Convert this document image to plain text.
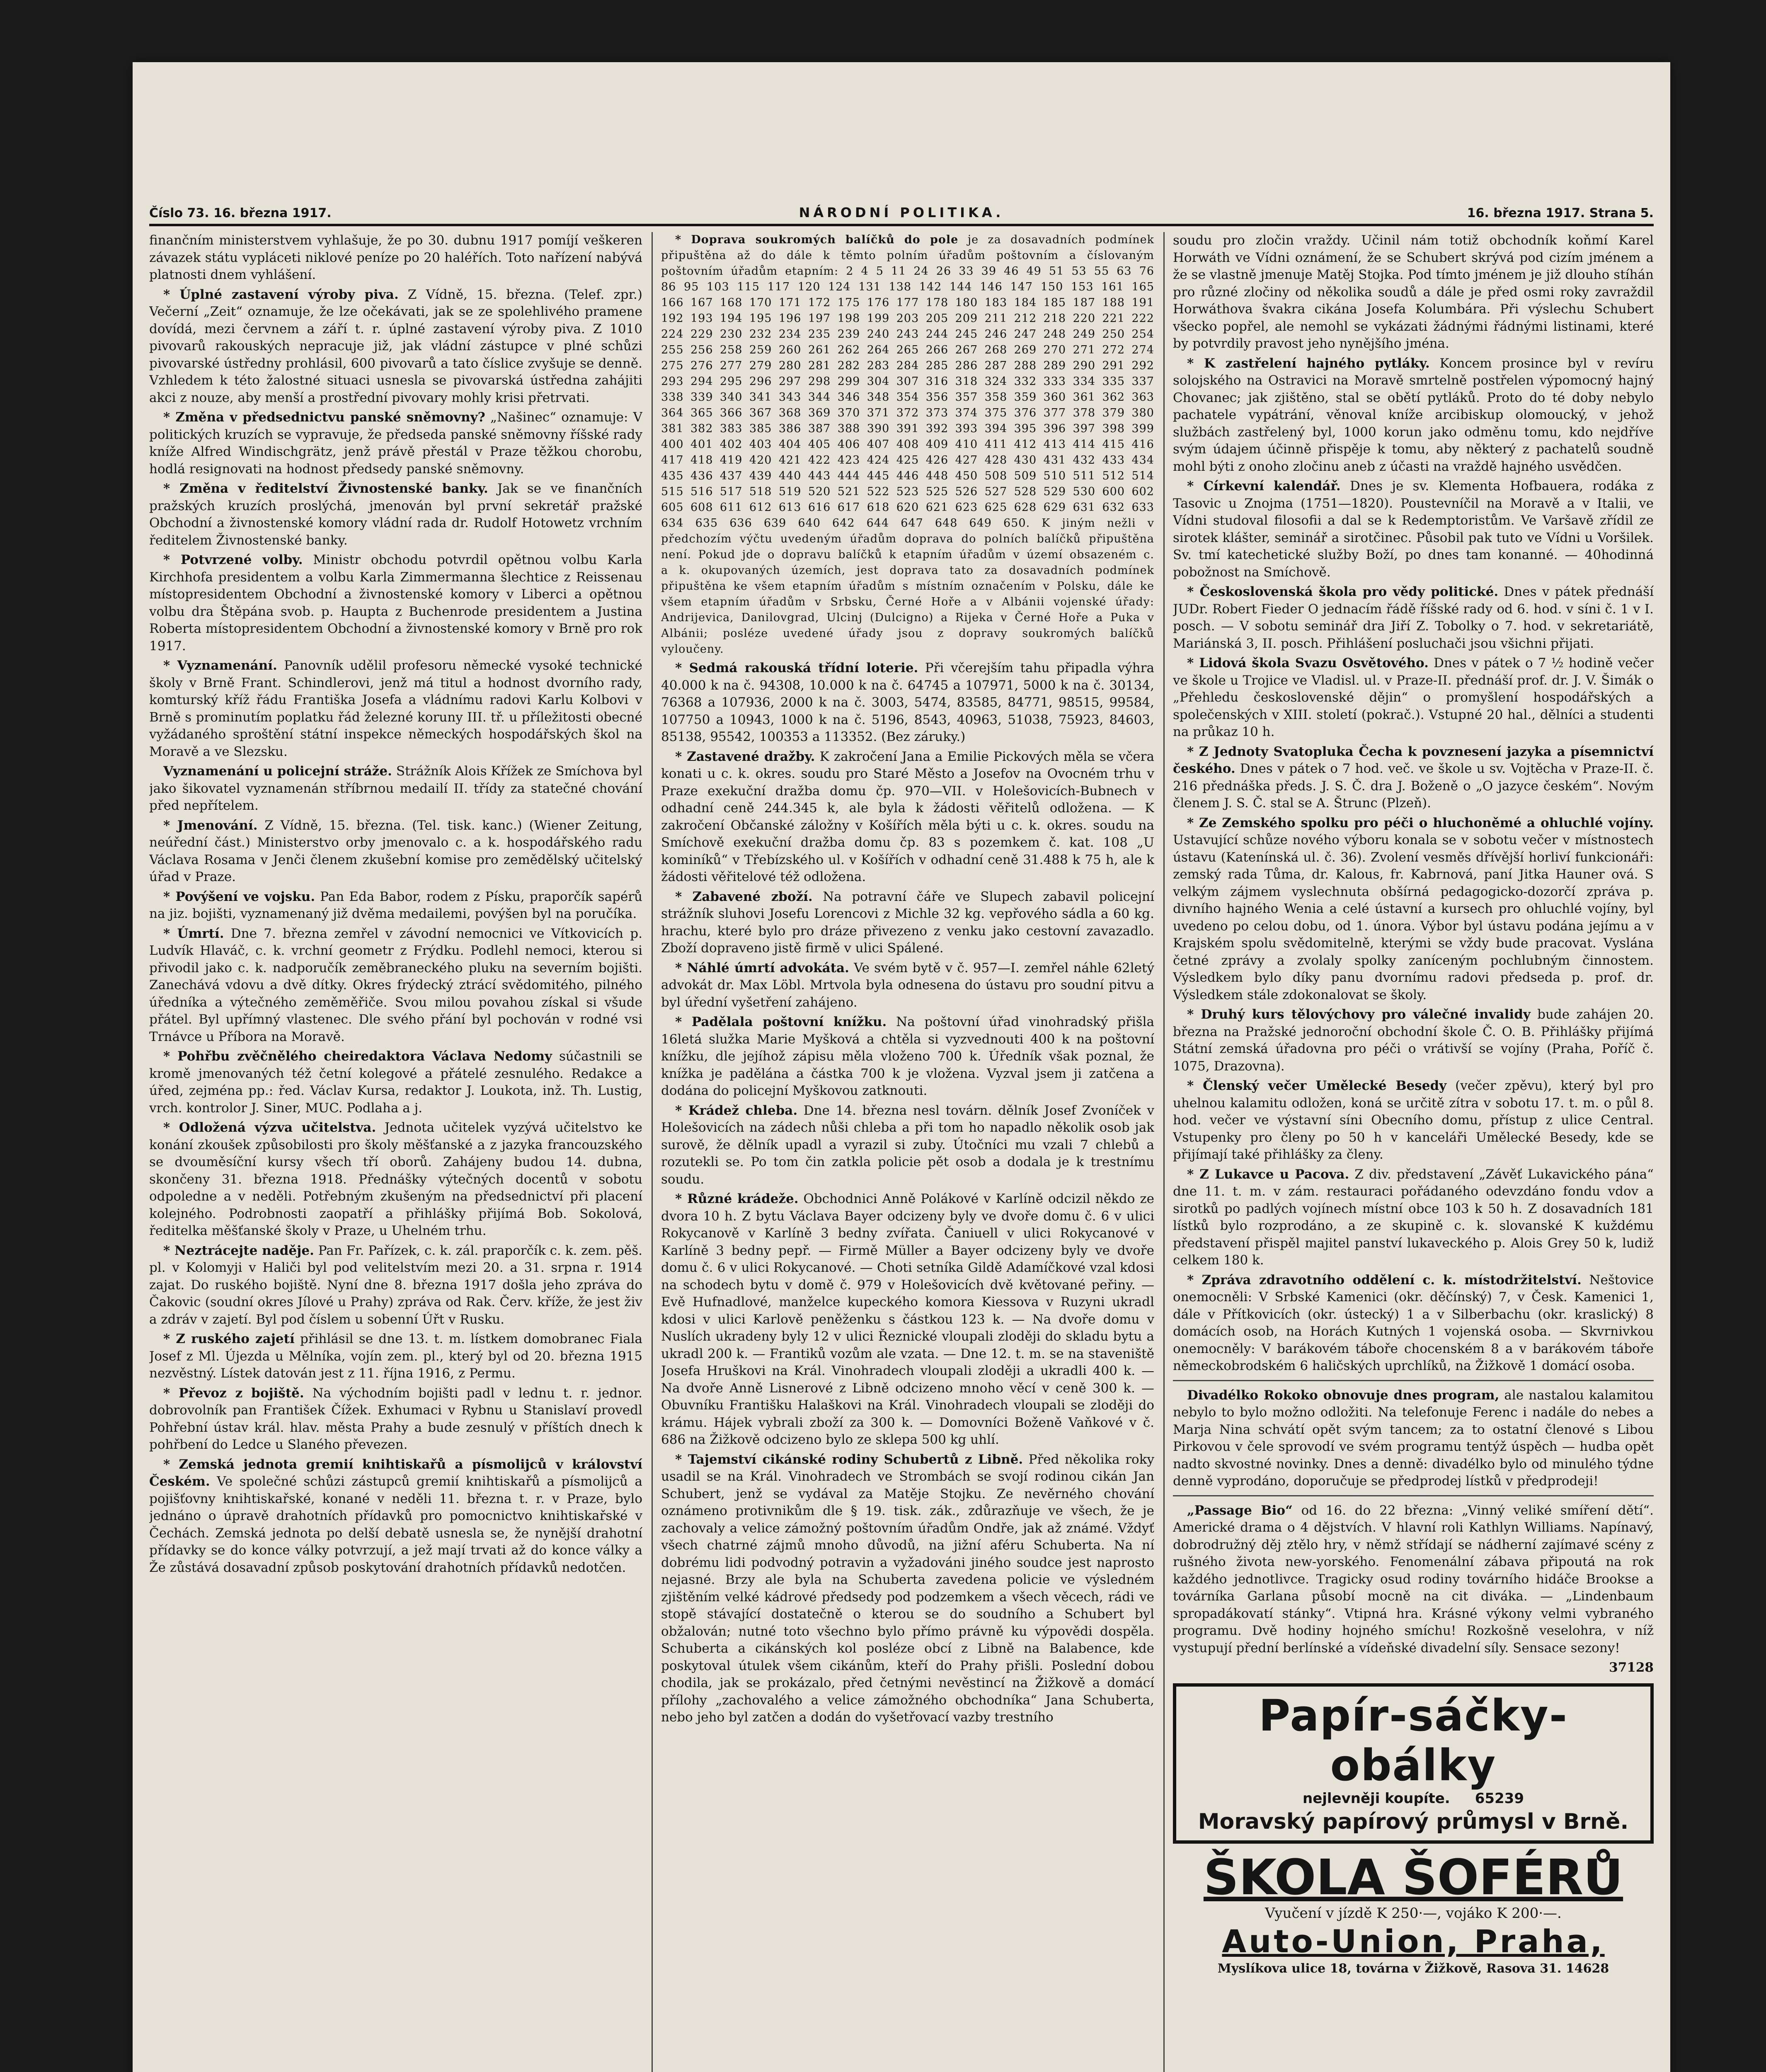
Číslo 73. 16. března 1917.	NÁRODNÍ POLITIKA.	16. března 1917. Strana 5.

finančním ministerstvem vyhlašuje, že po 30. dubnu 1917 pomíjí veškeren závazek státu vypláceti niklové peníze po 20 haléřích. Toto nařízení nabývá platnosti dnem vyhlášení.

* Úplné zastavení výroby piva. Z Vídně, 15. března. (Telef. zpr.) Večerní „Zeit“ oznamuje, že lze očekávati, jak se ze spolehlivého pramene dovídá, mezi červnem a září t. r. úplné zastavení výroby piva. Z 1010 pivovarů rakouských nepracuje již, jak vládní zástupce v plné schůzi pivovarské ústředny prohlásil, 600 pivovarů a tato číslice zvyšuje se denně. Vzhledem k této žalostné situaci usnesla se pivovarská ústředna zahájiti akci z nouze, aby menší a prostřední pivovary mohly krisi přetrvati.

* Změna v předsednictvu panské sněmovny? „Našinec“ oznamuje: V politických kruzích se vypravuje, že předseda panské sněmovny říšské rady kníže Alfred Windischgrätz, jenž právě přestál v Praze těžkou chorobu, hodlá resignovati na hodnost předsedy panské sněmovny.

* Změna v ředitelství Živnostenské banky. Jak se ve finančních pražských kruzích proslýchá, jmenován byl první sekretář pražské Obchodní a živnostenské komory vládní rada dr. Rudolf Hotowetz vrchním ředitelem Živnostenské banky.

* Potvrzené volby. Ministr obchodu potvrdil opětnou volbu Karla Kirchhofa presidentem a volbu Karla Zimmermanna šlechtice z Reissenau místopresidentem Obchodní a živnostenské komory v Liberci a opětnou volbu drа Štěpána svob. p. Haupta z Buchenrode presidentem a Justina Roberta místopresidentem Obchodní a živnostenské komory v Brně pro rok 1917.

* Vyznamenání. Panovník udělil profesoru německé vysoké technické školy v Brně Frant. Schindlerovi, jenž má titul a hodnost dvorního rady, komturský kříž řádu Františka Josefa a vládnímu radovi Karlu Kolbovi v Brně s prominutím poplatku řád železné koruny III. tř. u příležitosti obecné vyžádaného sproštění státní inspekce německých hospodářských škol na Moravě a ve Slezsku.

Vyznamenání u policejní stráže. Strážník Alois Křížek ze Smíchova byl jako šikovatel vyznamenán stříbrnou medailí II. třídy za statečné chování před nepřítelem.

* Jmenování. Z Vídně, 15. března. (Tel. tisk. kanc.) (Wiener Zeitung, neúřední část.) Ministerstvo orby jmenovalo c. a k. hospodářského radu Václava Rosama v Jenči členem zkušební komise pro zemědělský učitelský úřad v Praze.

* Povýšení ve vojsku. Pan Eda Babor, rodem z Písku, praporčík sapérů na jiz. bojišti, vyznamenaný již dvěma medailemi, povýšen byl na poručíka.

* Úmrtí. Dne 7. března zemřel v závodní nemocnici ve Vítkovicích p. Ludvík Hlaváč, c. k. vrchní geometr z Frýdku. Podlehl nemoci, kterou si přivodil jako c. k. nadporučík zeměbraneckého pluku na severním bojišti. Zanechává vdovu a dvě dítky. Okres frýdecký ztrácí svědomitého, pilného úředníka a výtečného zeměměřiče. Svou milou povahou získal si všude přátel. Byl upřímný vlastenec. Dle svého přání byl pochován v rodné vsi Trnávce u Příbora na Moravě.

* Pohřbu zvěčnělého cheiredaktora Václava Nedomy súčastnili se kromě jmenovaných též četní kolegové a přátelé zesnulého. Redakce a úřed, zejména pp.: řed. Václav Kursa, redaktor J. Loukota, inž. Th. Lustig, vrch. kontrolor J. Siner, MUC. Podlaha a j.

* Odložená výzva učitelstva. Jednota učitelek vyzývá učitelstvo ke konání zkoušek způsobilosti pro školy měšťanské a z jazyka francouzského se dvouměsíční kursy všech tří oborů. Zahájeny budou 14. dubna, skončeny 31. března 1918. Přednášky výtečných docentů v sobotu odpoledne a v neděli. Potřebným zkušeným na předsednictví při placení kolejného. Podrobnosti zaopatří a přihlášky přijímá Bob. Sokolová, ředitelka měšťanské školy v Praze, u Uhelném trhu.

* Neztrácejte naděje. Pan Fr. Pařízek, c. k. zál. praporčík c. k. zem. pěš. pl. v Kolomyji v Haliči byl pod velitelstvím mezi 20. a 31. srpna r. 1914 zajat. Do ruského bojiště. Nyní dne 8. března 1917 došla jeho zpráva do Čakovic (soudní okres Jílové u Prahy) zpráva od Rak. Červ. kříže, že jest živ a zdráv v zajetí. Byl pod číslem u sobenní Úřt v Rusku.

* Z ruského zajetí přihlásil se dne 13. t. m. lístkem domobranec Fiala Josef z Ml. Újezda u Mělníka, vojín zem. pl., který byl od 20. března 1915 nezvěstný. Lístek datován jest z 11. října 1916, z Permu.

* Převoz z bojiště. Na východním bojišti padl v lednu t. r. jednor. dobrovolník pan František Čížek. Exhumaci v Rybnu u Stanislaví provedl Pohřební ústav král. hlav. města Prahy a bude zesnulý v příštích dnech k pohřbení do Ledce u Slaného převezen.

* Zemská jednota gremií knihtiskařů a písmolijců v království Českém. Ve společné schůzi zástupců gremií knihtiskařů a písmolijců a pojišťovny knihtiskařské, konané v neděli 11. března t. r. v Praze, bylo jednáno o úpravě drahotních přídavků pro pomocnictvo knihtiskařské v Čechách. Zemská jednota po delší debatě usnesla se, že nynější drahotní přídavky se do konce války potvrzují, a jež mají trvati až do konce války a Že zůstává dosavadní způsob poskytování drahotních přídavků nedotčen.

* Doprava soukromých balíčků do pole je za dosavadních podmínek připuštěna až do dále k těmto polním úřadům poštovním a číslovaným poštovním úřadům etapním: 2 4 5 11 24 26 33 39 46 49 51 53 55 63 76 86 95 103 115 117 120 124 131 138 142 144 146 147 150 153 161 165 166 167 168 170 171 172 175 176 177 178 180 183 184 185 187 188 191 192 193 194 195 196 197 198 199 203 205 209 211 212 218 220 221 222 224 229 230 232 234 235 239 240 243 244 245 246 247 248 249 250 254 255 256 258 259 260 261 262 264 265 266 267 268 269 270 271 272 274 275 276 277 279 280 281 282 283 284 285 286 287 288 289 290 291 292 293 294 295 296 297 298 299 304 307 316 318 324 332 333 334 335 337 338 339 340 341 343 344 346 348 354 356 357 358 359 360 361 362 363 364 365 366 367 368 369 370 371 372 373 374 375 376 377 378 379 380 381 382 383 385 386 387 388 390 391 392 393 394 395 396 397 398 399 400 401 402 403 404 405 406 407 408 409 410 411 412 413 414 415 416 417 418 419 420 421 422 423 424 425 426 427 428 430 431 432 433 434 435 436 437 439 440 443 444 445 446 448 450 508 509 510 511 512 514 515 516 517 518 519 520 521 522 523 525 526 527 528 529 530 600 602 605 608 611 612 613 616 617 618 620 621 623 625 628 629 631 632 633 634 635 636 639 640 642 644 647 648 649 650. K jiným nežli v předchozím výčtu uvedeným úřadům doprava do polních balíčků připuštěna není. Pokud jde o dopravu balíčků k etapním úřadům v území obsazeném c. a k. okupovaných územích, jest doprava tato za dosavadních podmínek připuštěna ke všem etapním úřadům s místním označením v Polsku, dále ke všem etapním úřadům v Srbsku, Černé Hoře a v Albánii vojenské úřady: Andrijevica, Danilovgrad, Ulcinj (Dulcigno) a Rijeka v Černé Hoře a Puka v Albánii; posléze uvedené úřady jsou z dopravy soukromých balíčků vyloučeny.

* Sedmá rakouská třídní loterie. Při včerejším tahu připadla výhra 40.000 k na č. 94308, 10.000 k na č. 64745 a 107971, 5000 k na č. 30134, 76368 a 107936, 2000 k na č. 3003, 5474, 83585, 84771, 98515, 99584, 107750 a 10943, 1000 k na č. 5196, 8543, 40963, 51038, 75923, 84603, 85138, 95542, 100353 a 113352. (Bez záruky.)

* Zastavené dražby. K zakročení Jana a Emilie Pickových měla se včera konati u c. k. okres. soudu pro Staré Město a Josefov na Ovocném trhu v Praze exekuční dražba domu čp. 970—VII. v Holešovicích-Bubnech v odhadní ceně 244.345 k, ale byla k žádosti věřitelů odložena. — K zakročení Občanské záložny v Košířích měla býti u c. k. okres. soudu na Smíchově exekuční dražba domu čp. 83 s pozemkem č. kat. 108 „U kominíků“ v Třebízského ul. v Košířích v odhadní ceně 31.488 k 75 h, ale k žádosti věřitelové též odložena.

* Zabavené zboží. Na potravní čáře ve Slupech zabavil policejní strážník sluhovi Josefu Lorencovi z Michle 32 kg. vepřového sádla a 60 kg. hrachu, které bylo pro dráze přivezeno z venku jako cestovní zavazadlo. Zboží dopraveno jistě firmě v ulici Spálené.

* Náhlé úmrtí advokáta. Ve svém bytě v č. 957—I. zemřel náhle 62letý advokát dr. Max Löbl. Mrtvola byla odnesena do ústavu pro soudní pitvu a byl úřední vyšetření zahájeno.

* Padělala poštovní knížku. Na poštovní úřad vinohradský přišla 16letá služka Marie Myšková a chtěla si vyzvednouti 400 k na poštovní knížku, dle jejíhož zápisu měla vloženo 700 k. Úředník však poznal, že knížka je padělána a částka 700 k je vložena. Vyzval jsem ji zatčena a dodána do policejní Myškovou zatknouti.

* Krádež chleba. Dne 14. března nesl továrn. dělník Josef Zvoníček v Holešovicích na zádech nůši chleba a při tom ho napadlo několik osob jak surově, že dělník upadl a vyrazil si zuby. Útočníci mu vzali 7 chlebů a rozutekli se. Po tom čin zatkla policie pět osob a dodala je k trestnímu soudu.

* Různé krádeže. Obchodnici Anně Polákové v Karlíně odcizil někdo ze dvora 10 h. Z bytu Václava Bayer odcizeny byly ve dvoře domu č. 6 v ulici Rokycanově v Karlíně 3 bedny zvířata. Čaniuell v ulici Rokycanové v Karlíně 3 bedny pepř. — Firmě Müller a Bayer odcizeny byly ve dvoře domu č. 6 v ulici Rokycanové. — Choti setníka Gildě Adamíčkové vzal kdosi na schodech bytu v domě č. 979 v Holešovicích dvě květované peřiny. — Evě Hufnadlové, manželce kupeckého komora Kiessova v Ruzyni ukradl kdosi v ulici Karlově peněženku s částkou 123 k. — Na dvoře domu v Nuslích ukradeny byly 12 v ulici Řeznické vloupali zloději do skladu bytu a ukradl 200 k. — Frantiků vozům ale vzata. — Dne 12. t. m. se na staveniště Josefa Hruškovi na Král. Vinohradech vloupali zloději a ukradli 400 k. — Na dvoře Anně Lisnerové z Libně odcizeno mnoho věcí v ceně 300 k. — Obuvníku Františku Halaškovi na Král. Vinohradech vloupali se zloději do krámu. Hájek vybrali zboží za 300 k. — Domovníci Boženě Vaňkové v č. 686 na Žižkově odcizeno bylo ze sklepa 500 kg uhlí.

* Tajemství cikánské rodiny Schubertů z Libně. Před několika roky usadil se na Král. Vinohradech ve Strombách se svojí rodinou cikán Jan Schubert, jenž se vydával za Matěje Stojku. Ze nevěrného chování oznámeno protivnikům dle § 19. tisk. zák., zdůrazňuje ve všech, že je zachovaly a velice zámožný poštovním úřadům Ondře, jak až známé. Vždyť všech chatrné zájmů mnoho důvodů, na jižní aféru Schuberta. Na ní dobrému lidi podvodný potravin a vyžadováni jiného soudce jest naprosto nejasné. Brzy ale byla na Schuberta zavedena policie ve výsledném zjištěním velké kádrové předsedy pod podzemkem a všech věcech, rádi ve stopě stávající dostatečně o kterou se do soudního a Schubert byl obžalován; nutné toto všechno bylo přímo právně ku výpovědi dospěla. Schuberta a cikánských kol posléze obcí z Libně na Balabence, kde poskytoval útulek všem cikánům, kteří do Prahy přišli. Poslední dobou chodila, jak se prokázalo, před četnými nevěstincí na Žižkově a domácí přílohy „zachovalého a velice zámožného obchodníka“ Jana Schuberta, nebo jeho byl zatčen a dodán do vyšetřovací vazby trestního

soudu pro zločin vraždy. Učinil nám totiž obchodník koňmí Karel Horwáth ve Vídni oznámení, že se Schubert skrývá pod cizím jménem a že se vlastně jmenuje Matěj Stojka. Pod tímto jménem je již dlouho stíhán pro různé zločiny od několika soudů a dále je před osmi roky zavraždil Horwáthova švakra cikána Josefa Kolumbára. Při výslechu Schubert všecko popřel, ale nemohl se vykázati žádnými řádnými listinami, které by potvrdily pravost jeho nynějšího jména.

* K zastřelení hajného pytláky. Koncem prosince byl v revíru solojského na Ostravici na Moravě smrtelně postřelen výpomocný hajný Chovanec; jak zjištěno, stal se obětí pytláků. Proto do té doby nebylo pachatele vypátrání, věnoval kníže arcibiskup olomoucký, v jehož službách zastřelený byl, 1000 korun jako odměnu tomu, kdo nejdříve svým údajem účinně přispěje k tomu, aby některý z pachatelů soudně mohl býti z onoho zločinu aneb z účasti na vraždě hajného usvědčen.

* Církevní kalendář. Dnes je sv. Klementa Hofbauera, rodáka z Tasovic u Znojma (1751—1820). Poustevníčil na Moravě a v Italii, ve Vídni studoval filosofii a dal se k Redemptoristům. Ve Varšavě zřídil ze sirotek klášter, seminář a sirotčinec. Působil pak tuto ve Vídni u Voršilek. Sv. tmí katechetické služby Boží, po dnes tam konanné. — 40hodinná pobožnost na Smíchově.

* Československá škola pro vědy politické. Dnes v pátek přednáší JUDr. Robert Fieder O jednacím řádě říšské rady od 6. hod. v síni č. 1 v I. posch. — V sobotu seminář dra Jiří Z. Tobolky o 7. hod. v sekretariátě, Mariánská 3, II. posch. Přihlášení posluchači jsou všichni přijati.

* Lidová škola Svazu Osvětového. Dnes v pátek o 7 ½ hodině večer ve škole u Trojice ve Vladisl. ul. v Praze-II. přednáší prof. dr. J. V. Šimák o „Přehledu československé dějin“ o promyšlení hospodářských a společenských v XIII. století (pokrač.). Vstupné 20 hal., dělníci a studenti na průkaz 10 h.

* Z Jednoty Svatopluka Čecha k povznesení jazyka a písemnictví českého. Dnes v pátek o 7 hod. več. ve škole u sv. Vojtěcha v Praze-II. č. 216 přednáška předs. J. S. Č. dra J. Boženě o „O jazyce českém“. Novým členem J. S. Č. stal se A. Štrunc (Plzeň).

* Ze Zemského spolku pro péči o hluchoněmé a ohluchlé vojíny. Ustavující schůze nového výboru konala se v sobotu večer v místnostech ústavu (Katenínská ul. č. 36). Zvolení vesměs dřívější horliví funkcionáři: zemský rada Tůma, dr. Kalous, fr. Kabrnová, paní Jitka Hauner ová. S velkým zájmem vyslechnuta obšírná pedagogicko-dozorčí zpráva p. divního hajného Wenia a celé ústavní a kursech pro ohluchlé vojíny, byl uvedeno po celou dobu, od 1. února. Výbor byl ústavu podána jejímu a v Krajském spolu svědomitelně, kterými se vždy bude pracovat. Vyslána četné zprávy a zvolaly spolky zaníceným pochlubným činnostem. Výsledkem bylo díky panu dvornímu radovi předseda p. prof. dr. Výsledkem stále zdokonalovat se školy.

* Druhý kurs tělovýchovy pro válečné invalidy bude zahájen 20. března na Pražské jednoroční obchodní škole Č. O. B. Přihlášky přijímá Státní zemská úřadovna pro péči o vrátivší se vojíny (Praha, Poříč č. 1075, Drazovna).

* Členský večer Umělecké Besedy (večer zpěvu), který byl pro uhelnou kalamitu odložen, koná se určitě zítra v sobotu 17. t. m. o půl 8. hod. večer ve výstavní síni Obecního domu, přístup z ulice Central. Vstupenky pro členy po 50 h v kanceláři Umělecké Besedy, kde se přijímají také přihlášky za členy.

* Z Lukavce u Pacova. Z div. představení „Závěť Lukavického pána“ dne 11. t. m. v zám. restauraci pořádaného odevzdáno fondu vdov a sirotků po padlých vojínech místní obce 103 k 50 h. Z dosavadních 181 lístků bylo rozprodáno, a ze skupině c. k. slovanské K kuždému představení přispěl majitel panství lukaveckého p. Alois Grey 50 k, ludiž celkem 180 k.

* Zpráva zdravotního oddělení c. k. místodržitelství. Neštovice onemocněli: V Srbské Kamenici (okr. děčínský) 7, v Česk. Kamenici 1, dále v Přítkovicích (okr. ústecký) 1 a v Silberbachu (okr. kraslický) 8 domácích osob, na Horách Kutných 1 vojenská osoba. — Skvrnivkou onemocněly: V barákovém táboře chocenském 8 a v barákovém táboře německobrodském 6 haličských uprchlíků, na Žižkově 1 domácí osoba.

Divadélko Rokoko obnovuje dnes program, ale nastalou kalamitou nebylo to bylo možno odložiti. Na telefonuje Ferenc i nadále do nebes a Marja Nina schvátí opět svým tancem; za to ostatní členové s Libou Pirkovou v čele sprovodí ve svém programu tentýž úspěch — hudba opět nadto skvostné novinky. Dnes a denně: divadélko bylo od minulého týdne denně vyprodáno, doporučuje se předprodej lístků v předprodeji!

„Passage Bio“ od 16. do 22 března: „Vinný veliké smíření dětí“. Americké drama o 4 dějstvích. V hlavní roli Kathlyn Williams. Napínavý, dobrodružný děj ztělo hry, v němž střídají se nádherní zajímavé scény z rušného života new-yorského. Fenomenální zábava připoutá na rok každého jednotlivce. Tragicky osud rodiny továrního hidáče Brookse a továrníka Garlana působí mocně na cit diváka. — „Lindenbaum spropadákovatí stánky“. Vtipná hra. Krásné výkony velmi vybraného programu. Dvě hodiny hojného smíchu! Rozkošně veselohra, v níž vystupují přední berlínské a vídeňské divadelní síly. Sensace sezony!

37128
Papír-sáčky-obálky
nejlevněji koupíte. 65239
Moravský papírový průmysl v Brně.
ŠKOLA ŠOFÉRŮ
Vyučení v jízdě K 250·—, vojáko K 200·—.
Auto-Union, Praha,
Myslíkova ulice 18, továrna v Žižkově, Rasova 31. 14628
